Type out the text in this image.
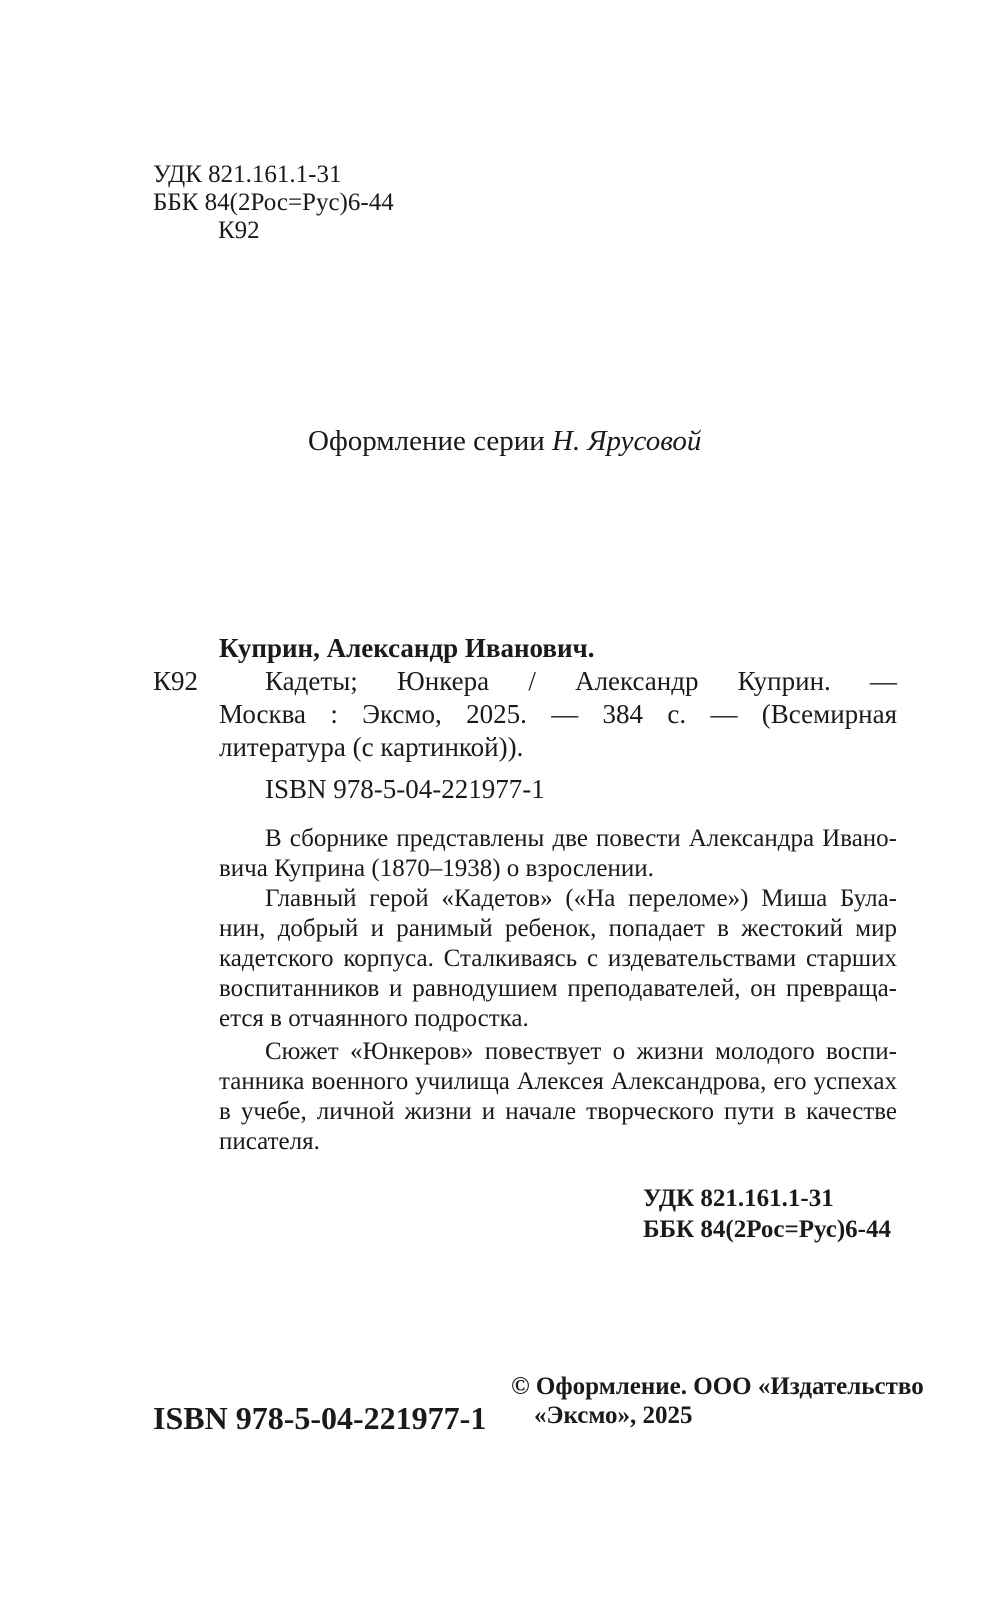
УДК 821.161.1-31
ББК 84(2Рос=Рус)6-44
К92
Оформление серии Н. Ярусовой
Куприн, Александр Иванович.
К92 Кадеты; Юнкера / Александр Куприн. —
Москва : Эксмо, 2025. — 384 с. — (Всемирная
литература (с картинкой)).
ISBN 978-5-04-221977-1
В сборнике представлены две повести Александра Ивано-
вича Куприна (1870–1938) о взрослении.
Главный герой «Кадетов» («На переломе») Миша Була-
нин, добрый и ранимый ребенок, попадает в жестокий мир
кадетского корпуса. Сталкиваясь с издевательствами старших
воспитанников и равнодушием преподавателей, он превраща-
ется в отчаянного подростка.
Сюжет «Юнкеров» повествует о жизни молодого воспи-
танника военного училища Алексея Александрова, его успехах
в учебе, личной жизни и начале творческого пути в качестве
писателя.
УДК 821.161.1-31
ББК 84(2Рос=Рус)6-44
ISBN 978-5-04-221977-1
© Оформление. ООО «Издательство
«Эксмо», 2025
